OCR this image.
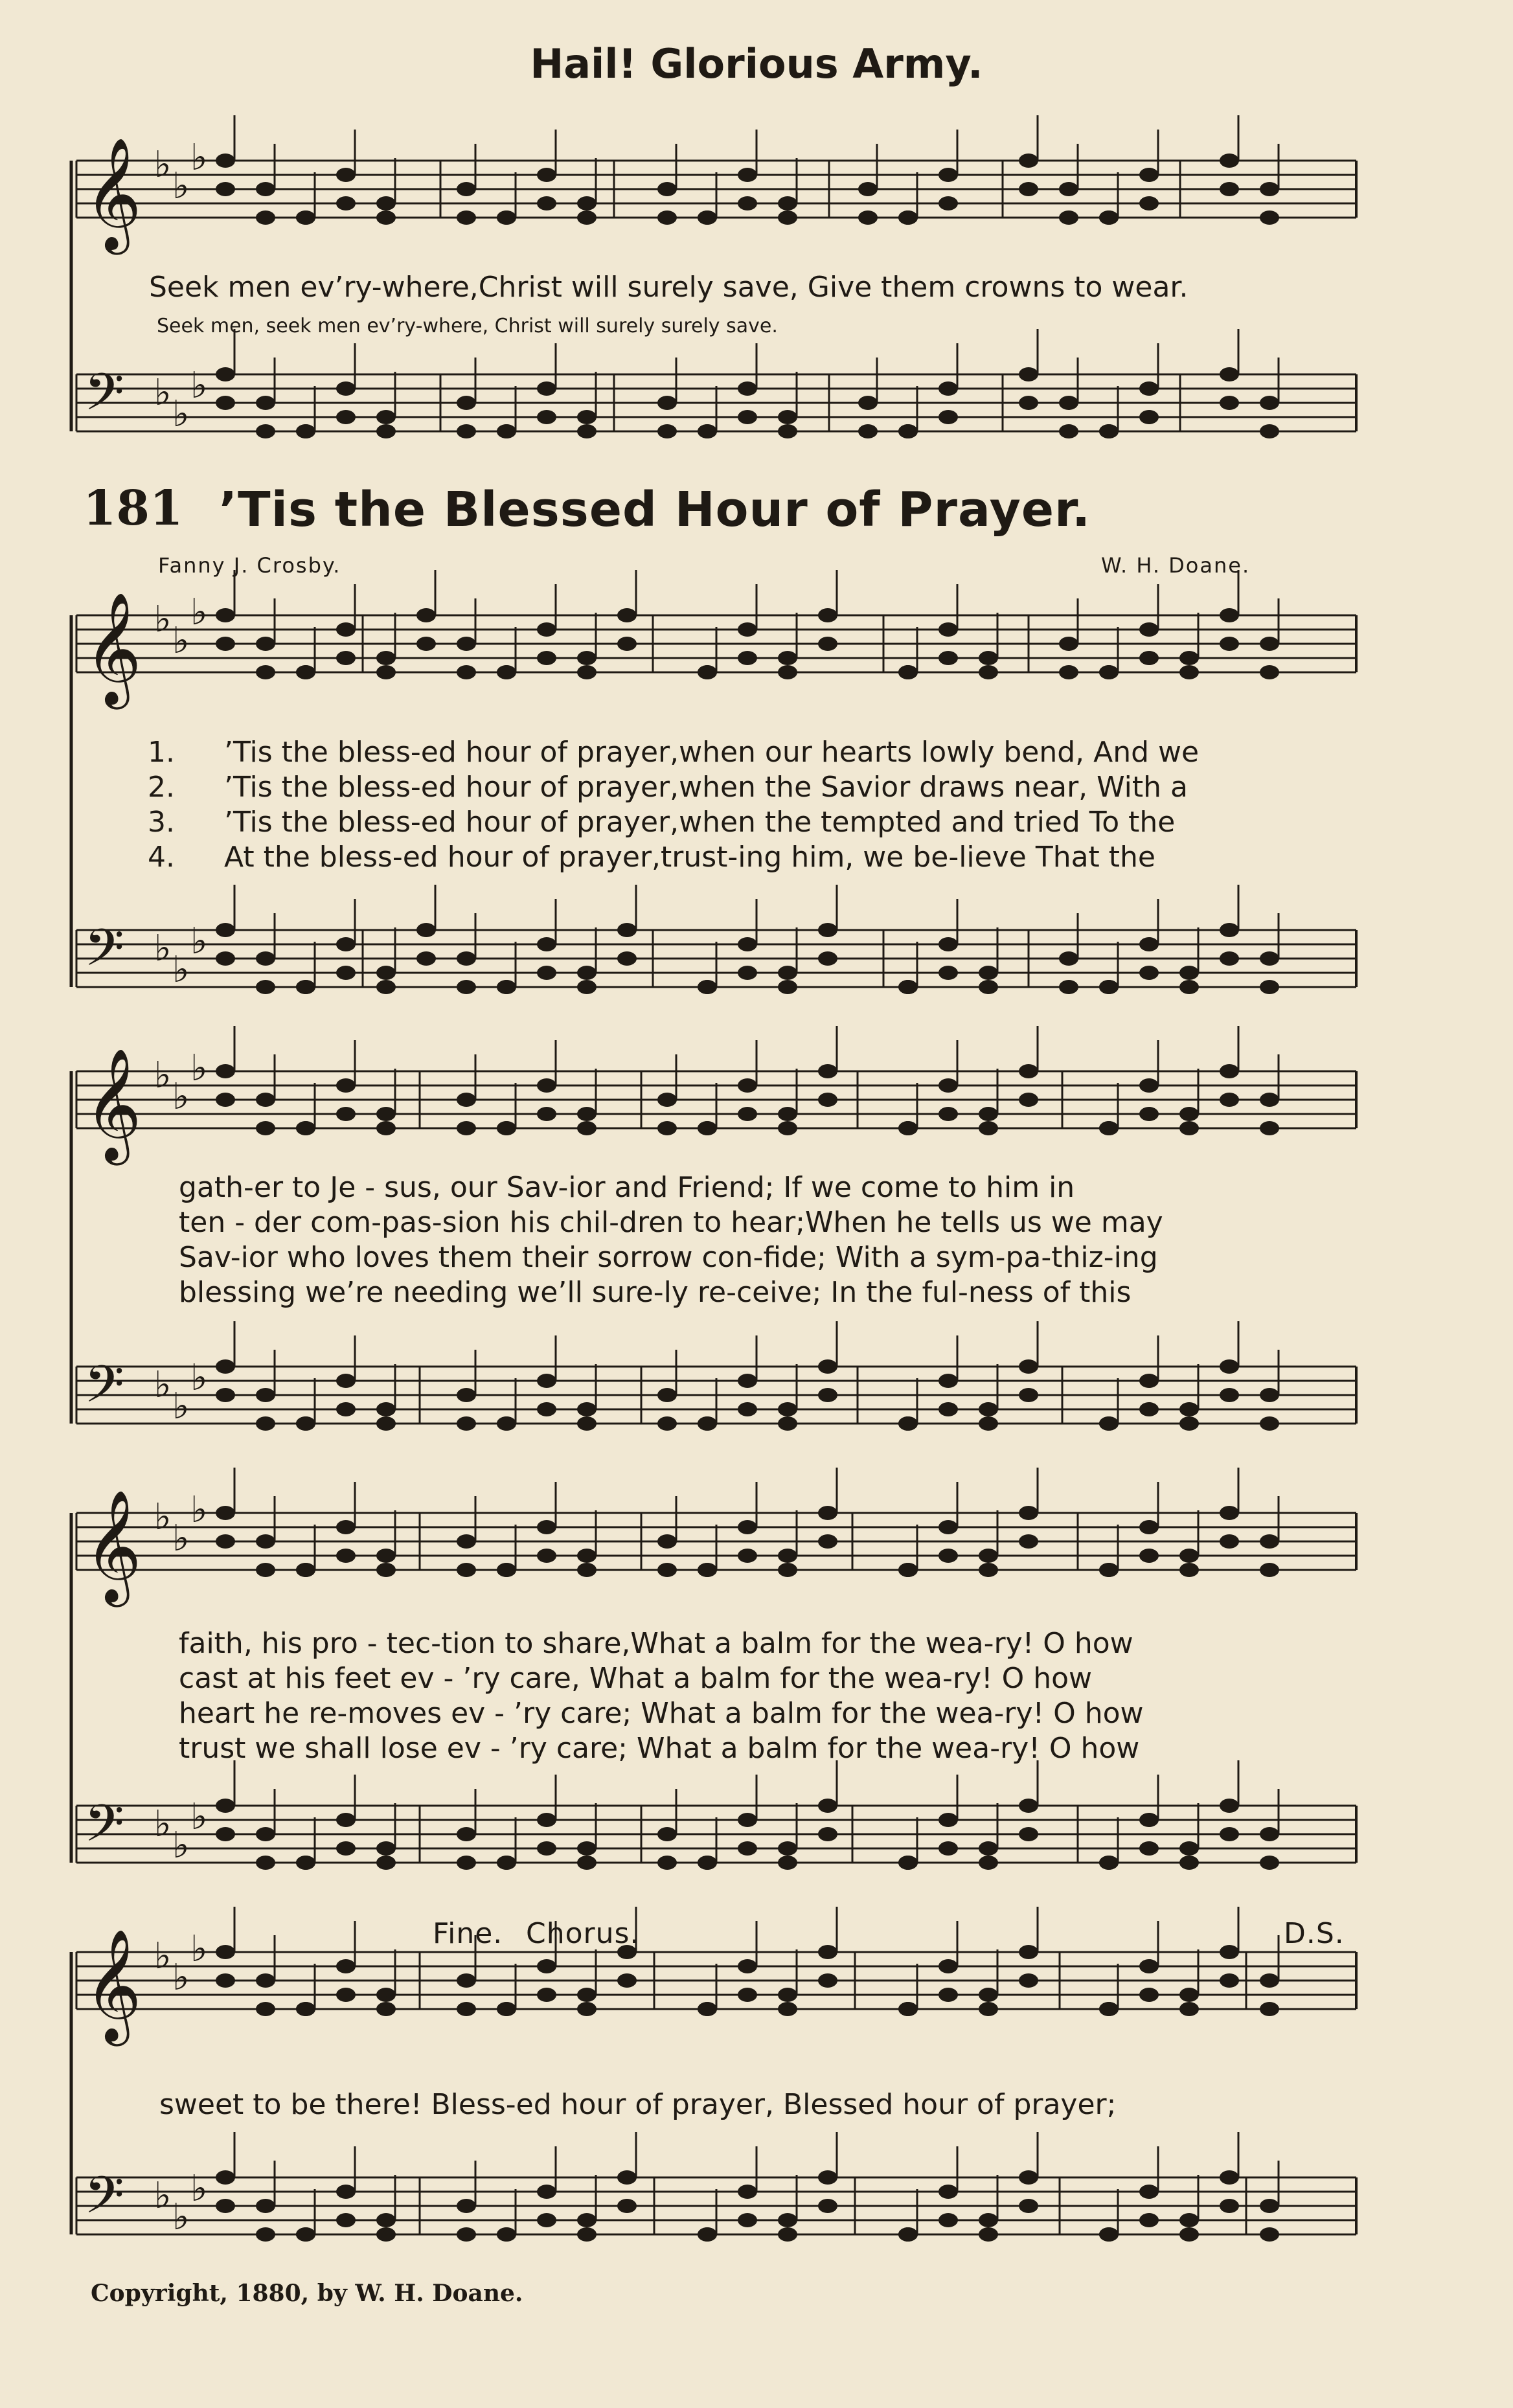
𝄞 ♭
♭
♭
𝄢 ♭
♭
♭
𝄞 ♭
♭
♭
𝄢 ♭
♭
♭
𝄞 ♭
♭
♭
𝄢 ♭
♭
♭
𝄞 ♭
♭
♭
𝄢 ♭
♭
♭
𝄞 ♭
♭
♭
𝄢 ♭
♭
♭
Hail! Glorious Army.
Seek men ev’ry-where,Christ will surely save, Give them crowns to wear.
Seek men, seek men ev’ry-where, Christ will surely surely save.
181 ’Tis the Blessed Hour of Prayer.
Fanny J. Crosby.	W. H. Doane.
1. ’Tis the bless-ed hour of prayer,when our hearts lowly bend, And we
2. ’Tis the bless-ed hour of prayer,when the Savior draws near, With a
3. ’Tis the bless-ed hour of prayer,when the tempted and tried To the
4. At the bless-ed hour of prayer,trust-ing him, we be-lieve That the
gath-er to Je - sus, our Sav-ior and Friend; If we come to him in
ten - der com-pas-sion his chil-dren to hear;When he tells us we may
Sav-ior who loves them their sorrow con-fide; With a sym-pa-thiz-ing
blessing we’re needing we’ll sure-ly re-ceive; In the ful-ness of this
faith, his pro - tec-tion to share,What a balm for the wea-ry! O how
cast at his feet ev - ’ry care, What a balm for the wea-ry! O how
heart he re-moves ev - ’ry care; What a balm for the wea-ry! O how
trust we shall lose ev - ’ry care; What a balm for the wea-ry! O how
Fine. Chorus.	D.S.
sweet to be there! Bless-ed hour of prayer, Blessed hour of prayer;
Copyright, 1880, by W. H. Doane.
